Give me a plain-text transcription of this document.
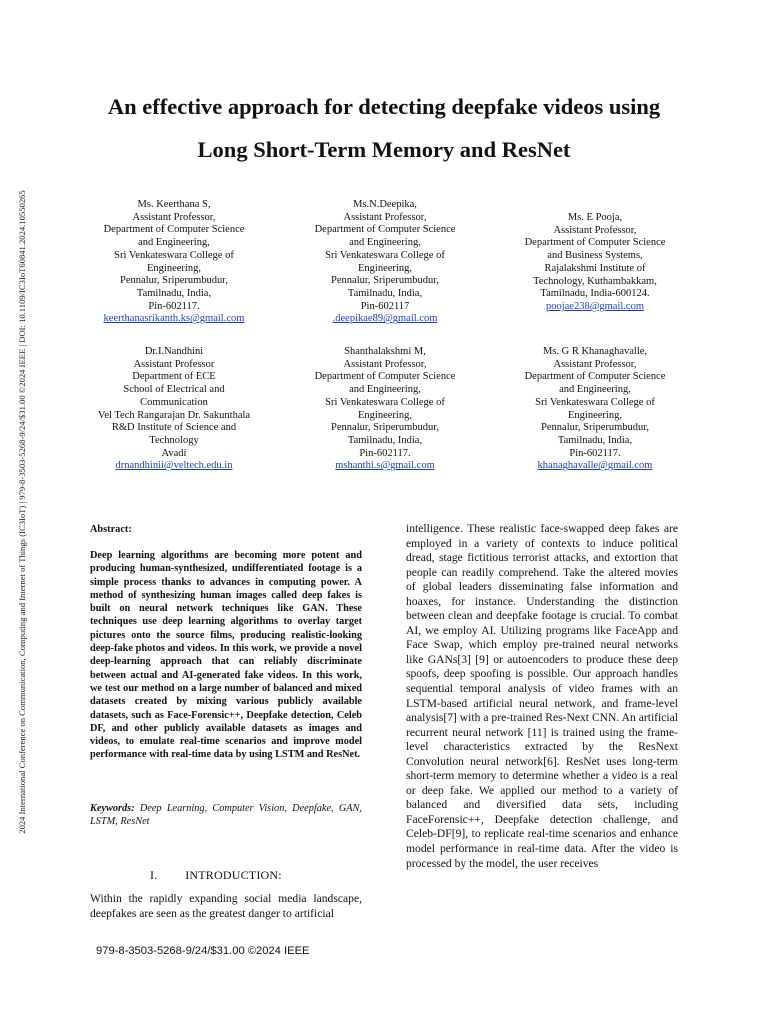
2024 International Conference on Communication, Computing and Internet of Things (IC3IoT) | 979-8-3503-5268-9/24/$31.00 ©2024 IEEE | DOI: 10.1109/IC3IoT60841.2024.10550265
An effective approach for detecting deepfake videos using
Long Short-Term Memory and ResNet
Ms. Keerthana S,
Assistant Professor,
Department of Computer Science
and Engineering,
Sri Venkateswara College of
Engineering,
Pennalur, Sriperumbudur,
Tamilnadu, India,
Pin-602117.
keerthanasrikanth.ks@gmail.com
Ms.N.Deepika,
Assistant Professor,
Department of Computer Science
and Engineering,
Sri Venkateswara College of
Engineering,
Pennalur, Sriperumbudur,
Tamilnadu, India,
Pin-602117
.deepikae89@gmail.com
Ms. E Pooja,
Assistant Professor,
Department of Computer Science
and Business Systems,
Rajalakshmi Institute of
Technology, Kuthambakkam,
Tamilnadu, India-600124.
poojae238@gmail.com
Dr.I.Nandhini
Assistant Professor
Department of ECE
School of Electrical and
Communication
Vel Tech Rangarajan Dr. Sakunthala
R&D Institute of Science and
Technology
Avadi
drnandhinii@veltech.edu.in
Shanthalakshmi M,
Assistant Professor,
Department of Computer Science
and Engineering,
Sri Venkateswara College of
Engineering,
Pennalur, Sriperumbudur,
Tamilnadu, India,
Pin-602117.
mshanthi.s@gmail.com
Ms. G R Khanaghavalle,
Assistant Professor,
Department of Computer Science
and Engineering,
Sri Venkateswara College of
Engineering,
Pennalur, Sriperumbudur,
Tamilnadu, India,
Pin-602117.
khanaghavalle@gmail.com
Abstract:
Deep learning algorithms are becoming more potent and producing human-synthesized, undifferentiated footage is a simple process thanks to advances in computing power. A method of synthesizing human images called deep fakes is built on neural network techniques like GAN. These techniques use deep learning algorithms to overlay target pictures onto the source films, producing realistic-looking deep-fake photos and videos. In this work, we provide a novel deep-learning approach that can reliably discriminate between actual and AI-generated fake videos. In this work, we test our method on a large number of balanced and mixed datasets created by mixing various publicly available datasets, such as Face-Forensic++, Deepfake detection, Celeb DF, and other publicly available datasets as images and videos, to emulate real-time scenarios and improve model performance with real-time data by using LSTM and ResNet.
Keywords: Deep Learning, Computer Vision, Deepfake, GAN, LSTM, ResNet
I. INTRODUCTION:
Within the rapidly expanding social media landscape, deepfakes are seen as the greatest danger to artificial
intelligence. These realistic face-swapped deep fakes are employed in a variety of contexts to induce political dread, stage fictitious terrorist attacks, and extortion that people can readily comprehend. Take the altered movies of global leaders disseminating false information and hoaxes, for instance. Understanding the distinction between clean and deepfake footage is crucial. To combat AI, we employ AI. Utilizing programs like FaceApp and Face Swap, which employ pre-trained neural networks like GANs[3] [9] or autoencoders to produce these deep spoofs, deep spoofing is possible. Our approach handles sequential temporal analysis of video frames with an LSTM-based artificial neural network, and frame-level analysis[7] with a pre-trained Res-Next CNN. An artificial recurrent neural network [11] is trained using the frame-level characteristics extracted by the ResNext Convolution neural network[6]. ResNet uses long-term short-term memory to determine whether a video is a real or deep fake. We applied our method to a variety of balanced and diversified data sets, including FaceForensic++, Deepfake detection challenge, and Celeb-DF[9], to replicate real-time scenarios and enhance model performance in real-time data. After the video is processed by the model, the user receives
979-8-3503-5268-9/24/$31.00 ©2024 IEEE
